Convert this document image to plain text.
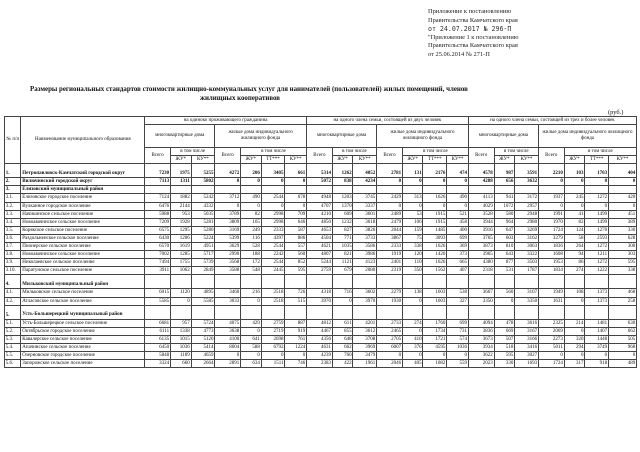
Приложение к постановлению
Правительства Камчатского края
от 24.07.2017 № 296-П
"Приложение 1 к постановлению
Правительства Камчатского края
от 25.06.2014 № 271-П
Размеры региональных стандартов стоимости жилищно-коммунальных услуг для нанимателей (пользователей) жилых помещений, членов
жилищных кооперативов
(руб.)
№ п/п	Наименование муниципального образования	на одиноко проживающего гражданина							на одного члена семьи, состоящей из двух человек							на одного члена семьи, состоящей из трех и более человек						
		многоквартирные дома			жилые дома индивидуального жилищного фонда				многоквартирные дома			жилые дома индивидуального жилищного фонда				многоквартирные дома			жилые дома индивидуального жилищного фонда			
		Всего	в том числе		Всего	в том числе			Всего	в том числе		Всего	в том числе			Всего	в том числе		Всего	в том числе		
			ЖУ*	КУ**		ЖУ*	ТТ***	КУ**		ЖУ*	КУ**		ЖУ*	ТТ***	КУ**		ЖУ*	КУ**		ЖУ*	ТТ***	КУ**
1.	Петропавловск-Камчатский городской округ	7230	1975	5255	4272	206	3405	661	5314	1262	4052	2781	131	2176	474	4578	987	3591	2210	103	1703	404
2.	Вилючинский городской округ	7113	1311	5802	0	0	0	0	5072	838	4234	0	0	0	0	4288	656	3632	0	0	0	0
3.	Елизовский муниципальный район																					
3.1.	Елизовское городское поселение	7124	1882	5242	3712	490	2544	678	4948	1203	3745	2429	313	1626	490	4113	941	3172	1937	245	1272	420
3.2.	Вулканное городское поселение	6476	2144	4332	0	0	0	0	4707	1370	3337	0	0	0	0	4029	1072	2957	0	0	0	0
3.3.	Начикинское сельское поселение	5988	953	5035	3789	82	2998	709	4210	609	3601	2489	53	1915	521	3528	580	2948	1991	41	1499	451
3.4.	Новоавачинское сельское поселение	7209	1928	5281	3809	165	2998	646	4850	1232	3618	2479	106	1915	458	3944	964	2980	1970	82	1499	389
3.5.	Корякское сельское поселение	6575	1295	5280	3169	249	2333	587	4653	827	3826	2044	159	1485	400	3916	647	3269	1724	124	1270	330
3.6.	Раздольненское сельское поселение	6430	1206	5224	5399	116	4397	886	4504	771	3733	3867	75	3093	699	3765	603	3162	3279	58	2593	628
3.7.	Пионерское сельское поселение	6570	1619	4951	3629	528	2544	557	4621	1035	3586	2333	338	1626	369	3873	810	3063	1836	264	1272	300
3.8.	Новоавачинское сельское поселение	7002	1285	5717	2990	188	2242	560	4807	821	3986	1919	120	1426	373	3965	643	3322	1608	94	1211	303
3.9.	Николаевское сельское поселение	7494	1755	5739	3568	172	2544	852	5244	1121	4123	2401	110	1626	665	4380	877	3503	1953	86	1272	595
3.10.	Паратунское сельское поселение	3911	1062	2849	3588	548	2445	595	2759	679	2080	2319	350	1562	407	2318	531	1787	1834	274	1222	338
4.	Мильковский муниципальный район																					
4.1.	Мильковское сельское поселение	6015	1120	4895	3460	216	2518	726	4318	716	3602	2279	138	1603	538	3667	560	3107	1949	108	1373	468
4.2.	Атласовское сельское поселение	5585	0	5585	3033	0	2518	515	3970	0	3970	1930	0	1603	327	3350	0	3350	1631	0	1373	258
5.	Усть-Большерецкий муниципальный район																					
5.1.	Усть-Большерецкое сельское поселение	6681	957	5724	4075	429	2759	887	4812	611	4201	2733	274	1760	699	4094	478	3616	2325	214	1481	630
5.2.	Октябрьское городское поселение	6111	1338	4773	3638	0	2719	919	4467	855	3612	2465	0	1734	731	3836	669	3167	2069	0	1407	662
5.3.	Кавалерское сельское поселение	6135	1015	5120	4100	641	2698	761	4356	648	3708	2705	410	1721	574	3673	507	3166	2273	320	1448	505
5.4.	Апачинское сельское поселение	6450	1036	5414	8604	588	6792	1224	4631	662	3969	6007	376	4595	1036	3934	518	3416	5011	294	3749	968
5.5.	Озерновское городское поселение	5848	1189	4659	0	0	0	0	4239	760	3479	0	0	0	0	3622	595	3027	0	0	0	0
5.6.	Запорожское сельское поселение	3324	660	2664	2891	634	1511	746	2383	422	1961	2046	405	1082	559	2023	330	1693	1724	317	918	489
